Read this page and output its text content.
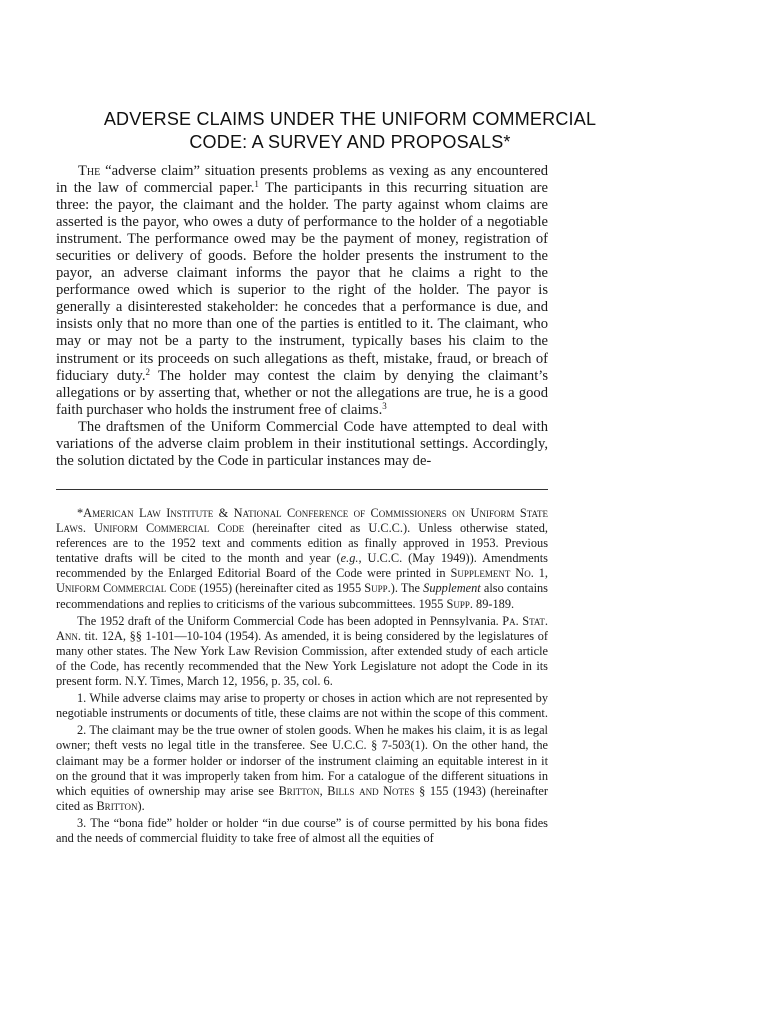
ADVERSE CLAIMS UNDER THE UNIFORM COMMERCIAL
CODE: A SURVEY AND PROPOSALS*

The “adverse claim” situation presents problems as vexing as any encountered in the law of commercial paper.$^1$ The participants in this recurring situation are three: the payor, the claimant and the holder. The party against whom claims are asserted is the payor, who owes a duty of performance to the holder of a negotiable instrument. The performance owed may be the payment of money, registration of securities or delivery of goods. Before the holder presents the instrument to the payor, an adverse claimant informs the payor that he claims a right to the performance owed which is superior to the right of the holder. The payor is generally a disinterested stakeholder: he concedes that a performance is due, and insists only that no more than one of the parties is entitled to it. The claimant, who may or may not be a party to the instrument, typically bases his claim to the instrument or its proceeds on such allegations as theft, mistake, fraud, or breach of fiduciary duty.$^2$ The holder may contest the claim by denying the claimant’s allegations or by asserting that, whether or not the allegations are true, he is a good faith purchaser who holds the instrument free of claims.$^3$

The draftsmen of the Uniform Commercial Code have attempted to deal with variations of the adverse claim problem in their institutional settings. Accordingly, the solution dictated by the Code in particular instances may de-

*American Law Institute & National Conference of Commissioners on Uniform State Laws. Uniform Commercial Code (hereinafter cited as U.C.C.). Unless otherwise stated, references are to the 1952 text and comments edition as finally approved in 1953. Previous tentative drafts will be cited to the month and year (e.g., U.C.C. (May 1949)). Amendments recommended by the Enlarged Editorial Board of the Code were printed in Supplement No. 1, Uniform Commercial Code (1955) (hereinafter cited as 1955 Supp.). The Supplement also contains recommendations and replies to criticisms of the various subcommittees. 1955 Supp. 89-189.

The 1952 draft of the Uniform Commercial Code has been adopted in Pennsylvania. Pa. Stat. Ann. tit. 12A, §§ 1-101—10-104 (1954). As amended, it is being considered by the legislatures of many other states. The New York Law Revision Commission, after extended study of each article of the Code, has recently recommended that the New York Legislature not adopt the Code in its present form. N.Y. Times, March 12, 1956, p. 35, col. 6.

1. While adverse claims may arise to property or choses in action which are not represented by negotiable instruments or documents of title, these claims are not within the scope of this comment.

2. The claimant may be the true owner of stolen goods. When he makes his claim, it is as legal owner; theft vests no legal title in the transferee. See U.C.C. § 7-503(1). On the other hand, the claimant may be a former holder or indorser of the instrument claiming an equitable interest in it on the ground that it was improperly taken from him. For a catalogue of the different situations in which equities of ownership may arise see Britton, Bills and Notes § 155 (1943) (hereinafter cited as Britton).

3. The “bona fide” holder or holder “in due course” is of course permitted by his bona fides and the needs of commercial fluidity to take free of almost all the equities of
